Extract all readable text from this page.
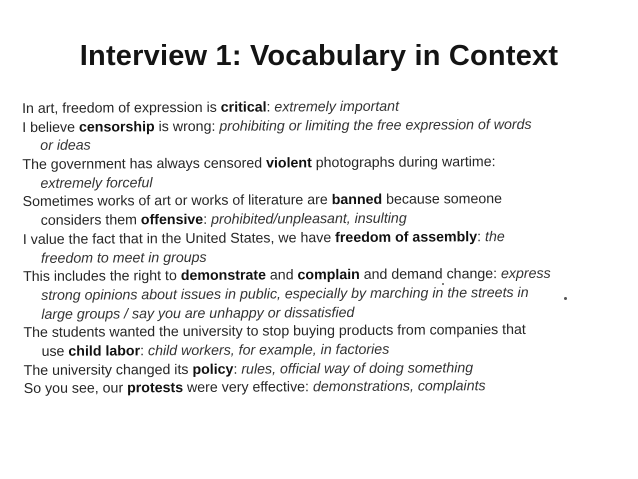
Interview 1: Vocabulary in Context
In art, freedom of expression is critical: extremely important
I believe censorship is wrong: prohibiting or limiting the free expression of words
or ideas
The government has always censored violent photographs during wartime:
extremely forceful
Sometimes works of art or works of literature are banned because someone
considers them offensive: prohibited/unpleasant, insulting
I value the fact that in the United States, we have freedom of assembly: the
freedom to meet in groups
This includes the right to demonstrate and complain and demand change: express
strong opinions about issues in public, especially by marching in the streets in
large groups / say you are unhappy or dissatisfied
The students wanted the university to stop buying products from companies that
use child labor: child workers, for example, in factories
The university changed its policy: rules, official way of doing something
So you see, our protests were very effective: demonstrations, complaints
